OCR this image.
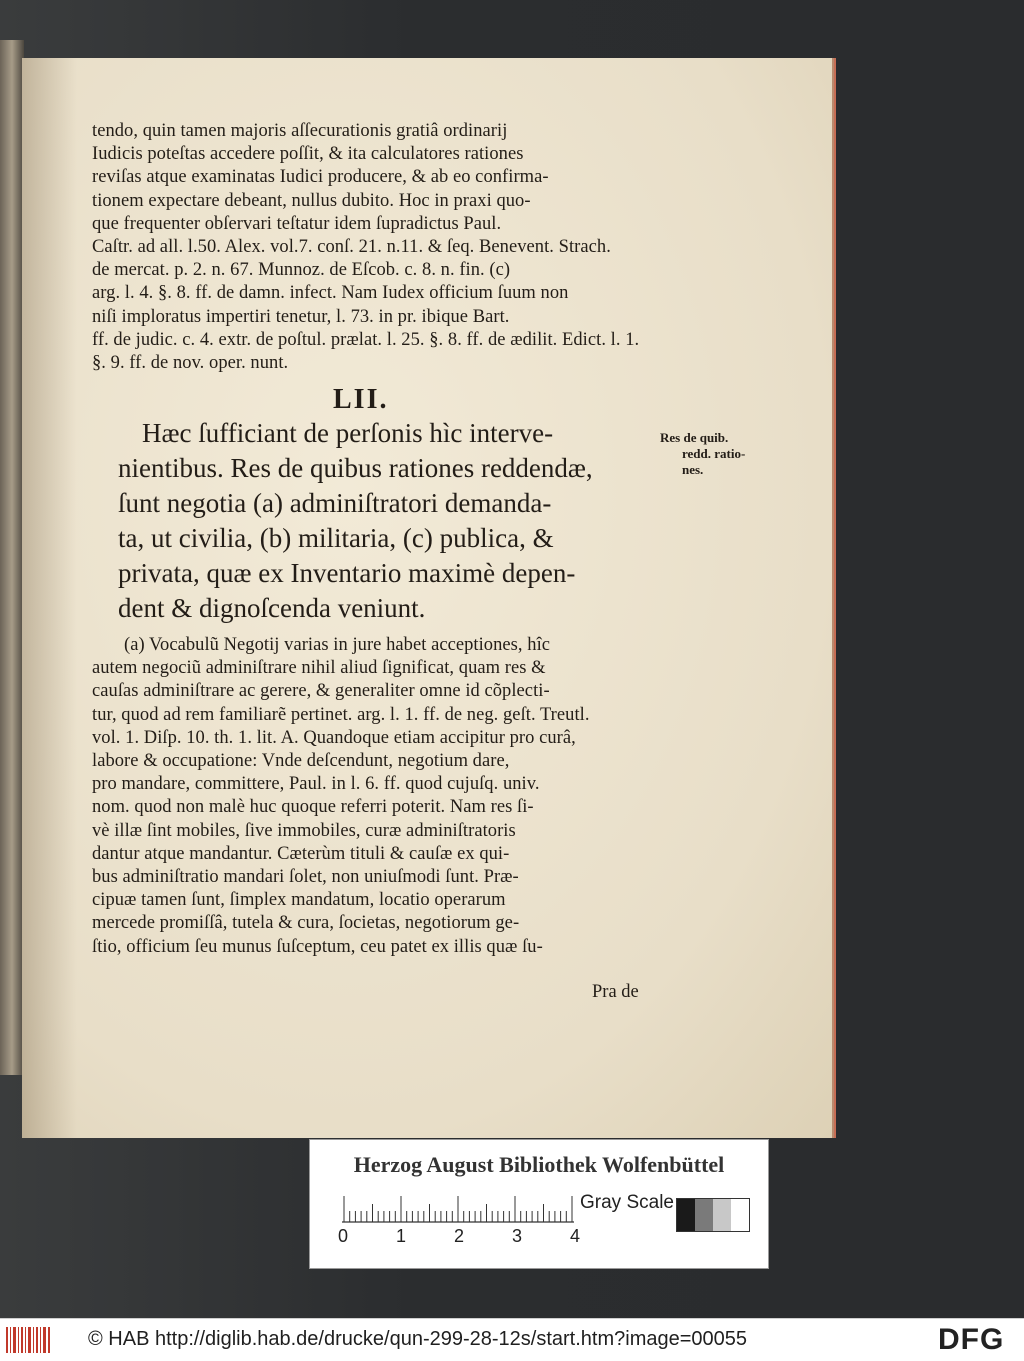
tendo, quin tamen majoris aſſecurationis gratiâ ordinarij
Iudicis poteſtas accedere poſſit, & ita calculatores rationes
reviſas atque examinatas Iudici producere, & ab eo confirma-
tionem expectare debeant, nullus dubito. Hoc in praxi quo-
que frequenter obſervari teſtatur idem ſupradictus Paul.
Caſtr. ad all. l.50. Alex. vol.7. conſ. 21. n.11. & ſeq. Benevent. Strach.
de mercat. p. 2. n. 67. Munnoz. de Eſcob. c. 8. n. fin. (c)
arg. l. 4. §. 8. ff. de damn. infect. Nam Iudex officium ſuum non
niſi imploratus impertiri tenetur, l. 73. in pr. ibique Bart.
ff. de judic. c. 4. extr. de poſtul. prælat. l. 25. §. 8. ff. de ædilit. Edict. l. 1.
§. 9. ff. de nov. oper. nunt.
LII.
Hæc ſufficiant de perſonis hìc interve-
nientibus. Res de quibus rationes reddendæ,
ſunt negotia (a) adminiſtratori demanda-
ta, ut civilia, (b) militaria, (c) publica, &
privata, quæ ex Inventario maximè depen-
dent & dignoſcenda veniunt.
Res de quib.
redd. ratio-
nes.
(a) Vocabulũ Negotij varias in jure habet acceptiones, hîc
autem negociũ adminiſtrare nihil aliud ſignificat, quam res &
cauſas adminiſtrare ac gerere, & generaliter omne id cõplecti-
tur, quod ad rem familiarẽ pertinet. arg. l. 1. ff. de neg. geſt. Treutl.
vol. 1. Diſp. 10. th. 1. lit. A. Quandoque etiam accipitur pro curâ,
labore & occupatione: Vnde deſcendunt, negotium dare,
pro mandare, committere, Paul. in l. 6. ff. quod cujuſq. univ.
nom. quod non malè huc quoque referri poterit. Nam res ſi-
vè illæ ſint mobiles, ſive immobiles, curæ adminiſtratoris
dantur atque mandantur. Cæterùm tituli & cauſæ ex qui-
bus adminiſtratio mandari ſolet, non uniuſmodi ſunt. Præ-
cipuæ tamen ſunt, ſimplex mandatum, locatio operarum
mercede promiſſâ, tutela & cura, ſocietas, negotiorum ge-
ſtio, officium ſeu munus ſuſceptum, ceu patet ex illis quæ ſu-
Pra de
Herzog August Bibliothek Wolfenbüttel
0	1	2	3	4
Gray Scale
© HAB http://diglib.hab.de/drucke/qun-299-28-12s/start.htm?image=00055	DFG
